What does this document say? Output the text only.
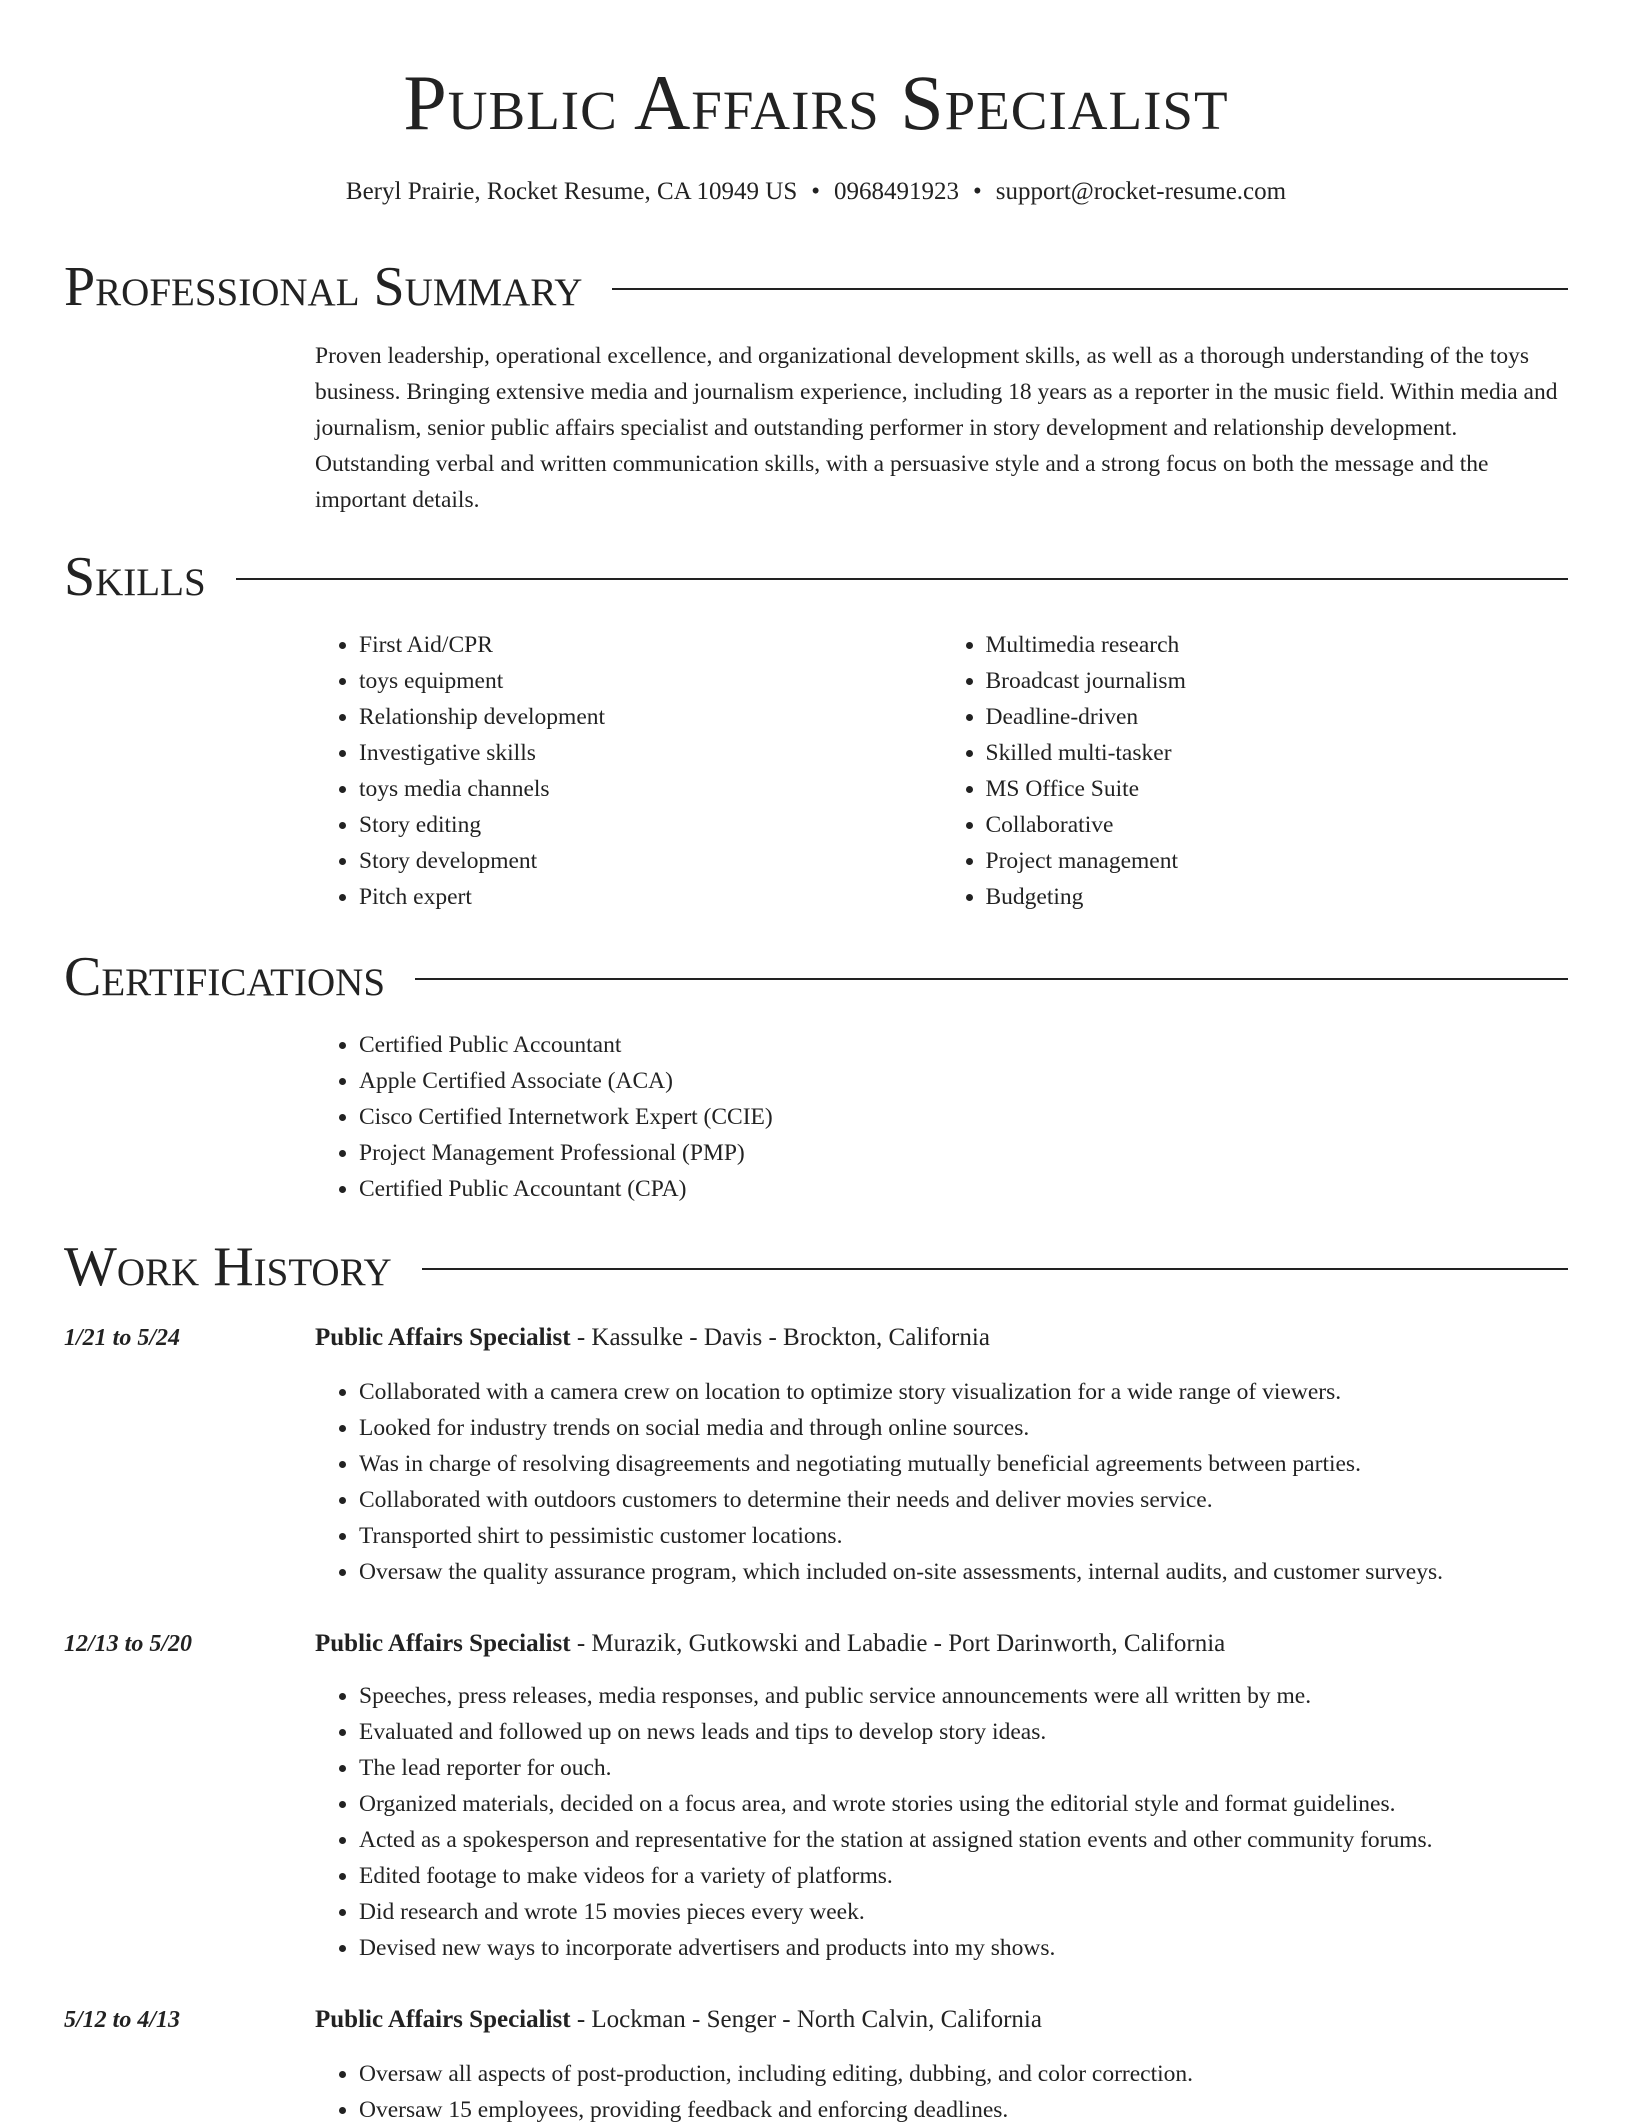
Public Affairs Specialist
Beryl Prairie, Rocket Resume, CA 10949 US • 0968491923 • support@rocket-resume.com
Professional Summary
Proven leadership, operational excellence, and organizational development skills, as well as a thorough understanding of the toys business. Bringing extensive media and journalism experience, including 18 years as a reporter in the music field. Within media and journalism, senior public affairs specialist and outstanding performer in story development and relationship development. Outstanding verbal and written communication skills, with a persuasive style and a strong focus on both the message and the important details.
Skills
• First Aid/CPR
• toys equipment
• Relationship development
• Investigative skills
• toys media channels
• Story editing
• Story development
• Pitch expert
• Multimedia research
• Broadcast journalism
• Deadline-driven
• Skilled multi-tasker
• MS Office Suite
• Collaborative
• Project management
• Budgeting
Certifications
• Certified Public Accountant
• Apple Certified Associate (ACA)
• Cisco Certified Internetwork Expert (CCIE)
• Project Management Professional (PMP)
• Certified Public Accountant (CPA)
Work History
1/21 to 5/24	Public Affairs Specialist - Kassulke - Davis - Brockton, California
• Collaborated with a camera crew on location to optimize story visualization for a wide range of viewers.
• Looked for industry trends on social media and through online sources.
• Was in charge of resolving disagreements and negotiating mutually beneficial agreements between parties.
• Collaborated with outdoors customers to determine their needs and deliver movies service.
• Transported shirt to pessimistic customer locations.
• Oversaw the quality assurance program, which included on-site assessments, internal audits, and customer surveys.
12/13 to 5/20	Public Affairs Specialist - Murazik, Gutkowski and Labadie - Port Darinworth, California
• Speeches, press releases, media responses, and public service announcements were all written by me.
• Evaluated and followed up on news leads and tips to develop story ideas.
• The lead reporter for ouch.
• Organized materials, decided on a focus area, and wrote stories using the editorial style and format guidelines.
• Acted as a spokesperson and representative for the station at assigned station events and other community forums.
• Edited footage to make videos for a variety of platforms.
• Did research and wrote 15 movies pieces every week.
• Devised new ways to incorporate advertisers and products into my shows.
5/12 to 4/13	Public Affairs Specialist - Lockman - Senger - North Calvin, California
• Oversaw all aspects of post-production, including editing, dubbing, and color correction.
• Oversaw 15 employees, providing feedback and enforcing deadlines.
